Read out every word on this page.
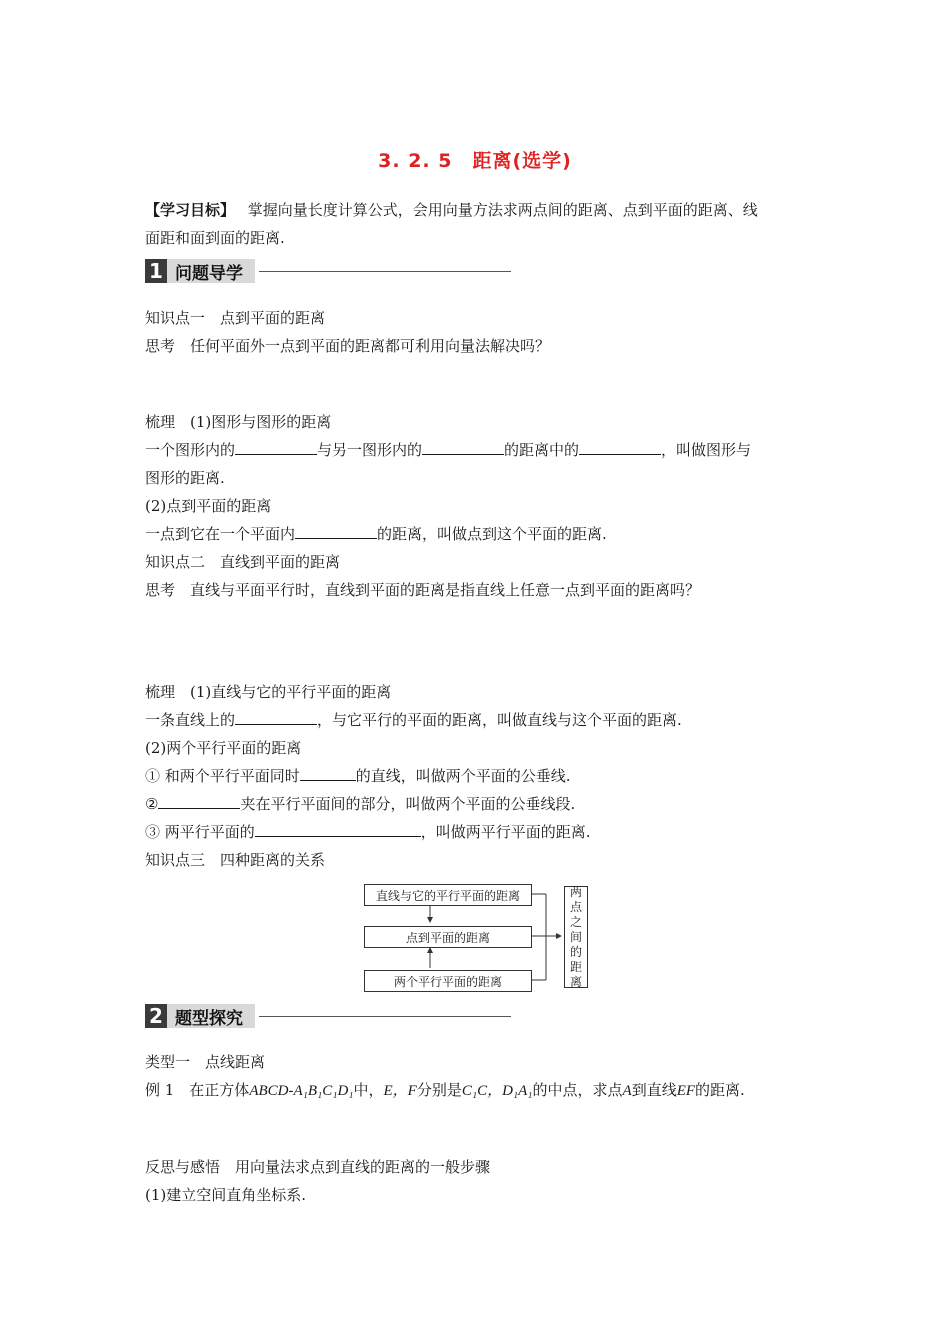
3. 2. 5　距离(选学)
【学习目标】 掌握向量长度计算公式，会用向量方法求两点间的距离、点到平面的距离、线
面距和面到面的距离.
1 问题导学
知识点一　点到平面的距离
思考　任何平面外一点到平面的距离都可利用向量法解决吗？
梳理　(1)图形与图形的距离
一个图形内的	与另一图形内的	的距离中的	，叫做图形与
图形的距离.
(2)点到平面的距离
一点到它在一个平面内	的距离，叫做点到这个平面的距离.
知识点二　直线到平面的距离
思考　直线与平面平行时，直线到平面的距离是指直线上任意一点到平面的距离吗？
梳理　(1)直线与它的平行平面的距离
一条直线上的	，与它平行的平面的距离，叫做直线与这个平面的距离.
(2)两个平行平面的距离
① 和两个平行平面同时	的直线，叫做两个平面的公垂线.
②	夹在平行平面间的部分，叫做两个平面的公垂线段.
③ 两平行平面的	，叫做两平行平面的距离.
知识点三　四种距离的关系
直线与它的平行平面的距离
点到平面的距离
两个平行平面的距离
两
点
之
间
的
距
离
2 题型探究
类型一　点线距离
例 1　在正方体ABCD-A₁B₁C₁D₁中，E，F分别是C₁C，D₁A₁的中点，求点A到直线EF的距离.
反思与感悟　用向量法求点到直线的距离的一般步骤
(1)建立空间直角坐标系.
